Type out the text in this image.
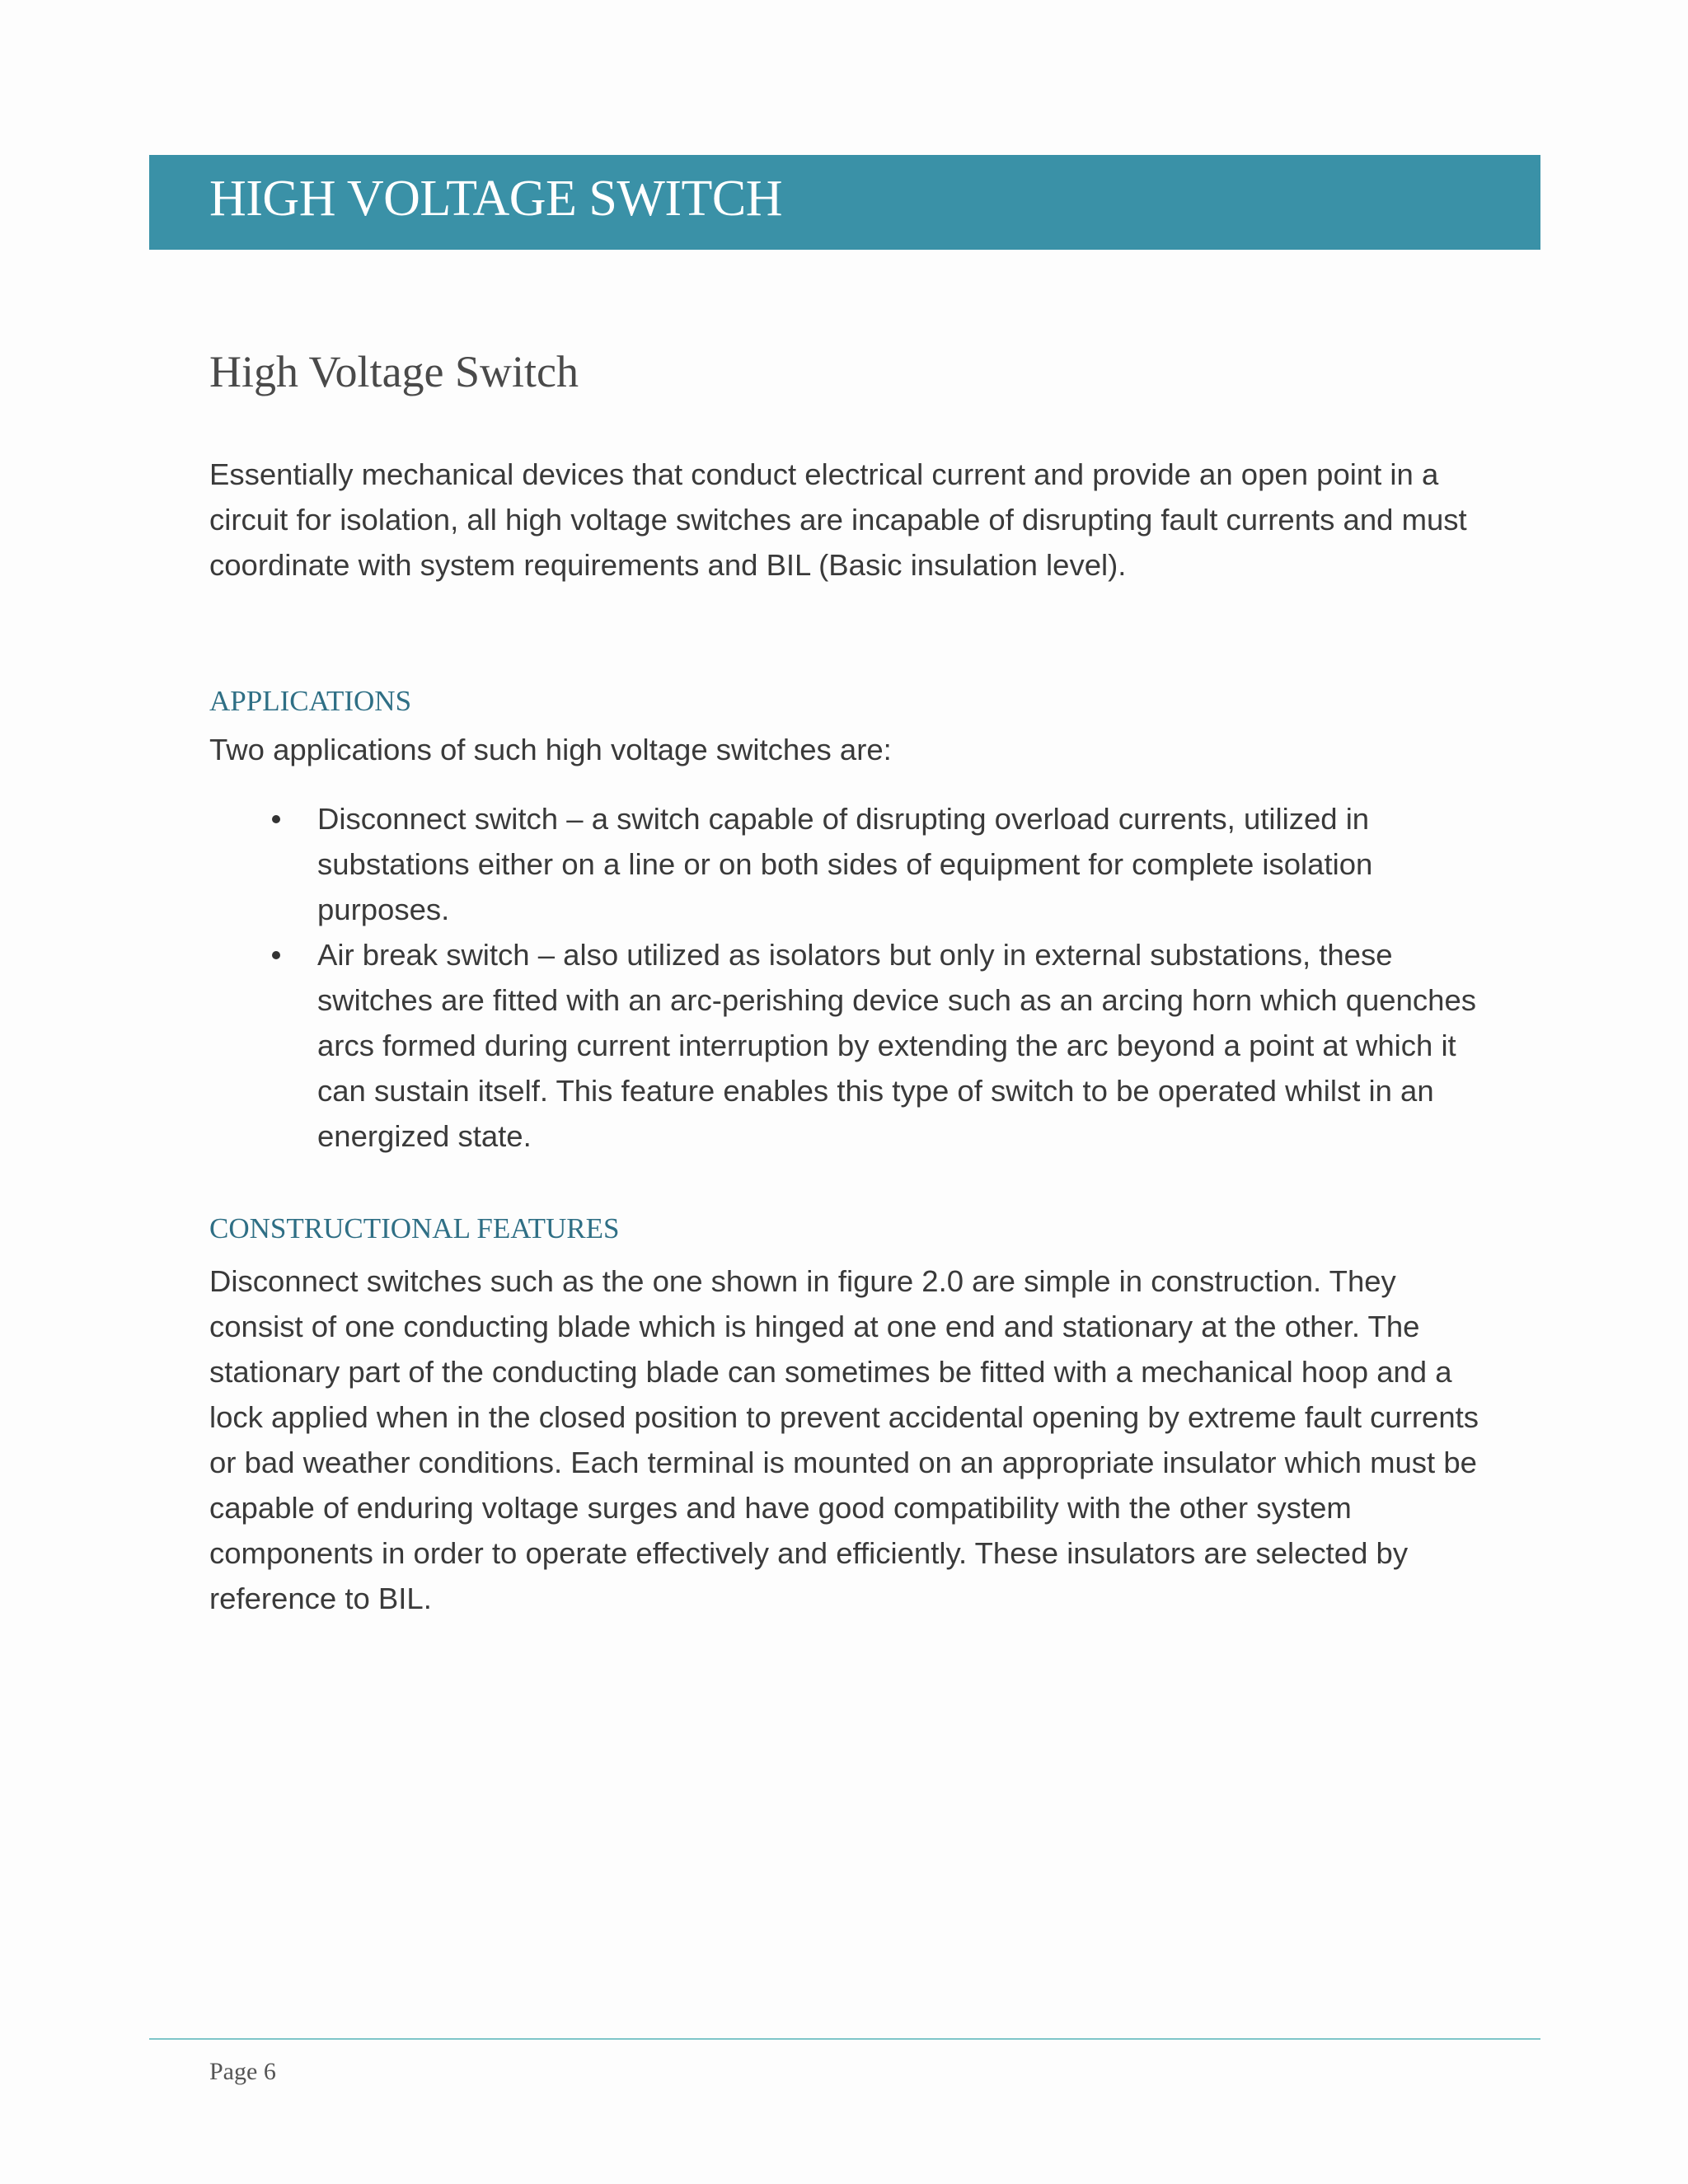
HIGH VOLTAGE SWITCH
High Voltage Switch

Essentially mechanical devices that conduct electrical current and provide an open point in a circuit for isolation, all high voltage switches are incapable of disrupting fault currents and must coordinate with system requirements and BIL (Basic insulation level).

APPLICATIONS

Two applications of such high voltage switches are:

Disconnect switch – a switch capable of disrupting overload currents, utilized in substations either on a line or on both sides of equipment for complete isolation purposes.
Air break switch – also utilized as isolators but only in external substations, these switches are fitted with an arc-perishing device such as an arcing horn which quenches arcs formed during current interruption by extending the arc beyond a point at which it can sustain itself. This feature enables this type of switch to be operated whilst in an energized state.
CONSTRUCTIONAL FEATURES

Disconnect switches such as the one shown in figure 2.0 are simple in construction. They consist of one conducting blade which is hinged at one end and stationary at the other. The stationary part of the conducting blade can sometimes be fitted with a mechanical hoop and a lock applied when in the closed position to prevent accidental opening by extreme fault currents or bad weather conditions. Each terminal is mounted on an appropriate insulator which must be capable of enduring voltage surges and have good compatibility with the other system components in order to operate effectively and efficiently. These insulators are selected by reference to BIL.

Page 6
